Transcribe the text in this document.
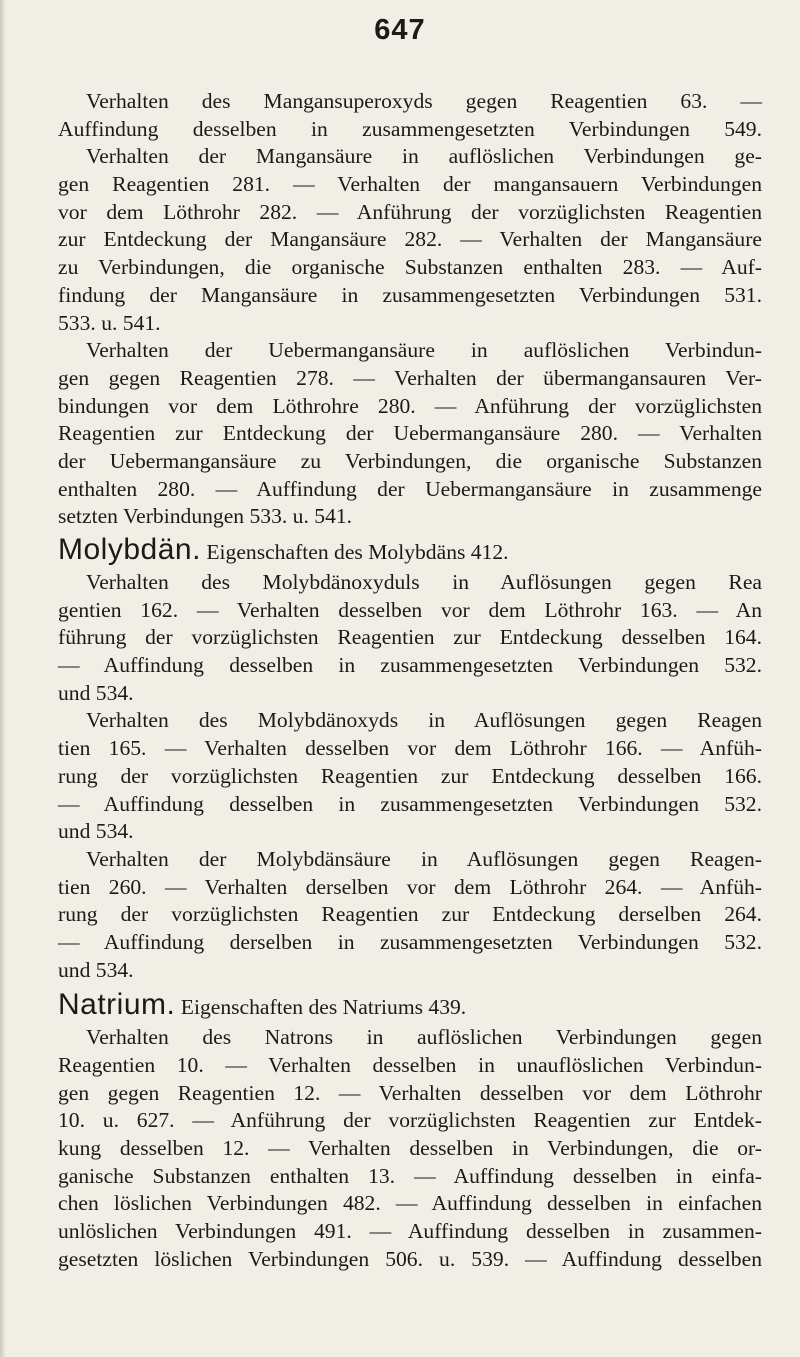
647
Verhalten des Mangansuperoxyds gegen Reagentien 63. —
Auffindung desselben in zusammengesetzten Verbindungen 549.
Verhalten der Mangansäure in auflöslichen Verbindungen ge-
gen Reagentien 281. — Verhalten der mangansauern Verbindungen
vor dem Löthrohr 282. — Anführung der vorzüglichsten Reagentien
zur Entdeckung der Mangansäure 282. — Verhalten der Mangansäure
zu Verbindungen, die organische Substanzen enthalten 283. — Auf-
findung der Mangansäure in zusammengesetzten Verbindungen 531.
533. u. 541.
Verhalten der Uebermangansäure in auflöslichen Verbindun-
gen gegen Reagentien 278. — Verhalten der übermangansauren Ver-
bindungen vor dem Löthrohre 280. — Anführung der vorzüglichsten
Reagentien zur Entdeckung der Uebermangansäure 280. — Verhalten
der Uebermangansäure zu Verbindungen, die organische Substanzen
enthalten 280. — Auffindung der Uebermangansäure in zusammenge
setzten Verbindungen 533. u. 541.
Molybdän. Eigenschaften des Molybdäns 412.
Verhalten des Molybdänoxyduls in Auflösungen gegen Rea
gentien 162. — Verhalten desselben vor dem Löthrohr 163. — An
führung der vorzüglichsten Reagentien zur Entdeckung desselben 164.
— Auffindung desselben in zusammengesetzten Verbindungen 532.
und 534.
Verhalten des Molybdänoxyds in Auflösungen gegen Reagen
tien 165. — Verhalten desselben vor dem Löthrohr 166. — Anfüh-
rung der vorzüglichsten Reagentien zur Entdeckung desselben 166.
— Auffindung desselben in zusammengesetzten Verbindungen 532.
und 534.
Verhalten der Molybdänsäure in Auflösungen gegen Reagen-
tien 260. — Verhalten derselben vor dem Löthrohr 264. — Anfüh-
rung der vorzüglichsten Reagentien zur Entdeckung derselben 264.
— Auffindung derselben in zusammengesetzten Verbindungen 532.
und 534.
Natrium. Eigenschaften des Natriums 439.
Verhalten des Natrons in auflöslichen Verbindungen gegen
Reagentien 10. — Verhalten desselben in unauflöslichen Verbindun-
gen gegen Reagentien 12. — Verhalten desselben vor dem Löthrohr
10. u. 627. — Anführung der vorzüglichsten Reagentien zur Entdek-
kung desselben 12. — Verhalten desselben in Verbindungen, die or-
ganische Substanzen enthalten 13. — Auffindung desselben in einfa-
chen löslichen Verbindungen 482. — Auffindung desselben in einfachen
unlöslichen Verbindungen 491. — Auffindung desselben in zusammen-
gesetzten löslichen Verbindungen 506. u. 539. — Auffindung desselben
